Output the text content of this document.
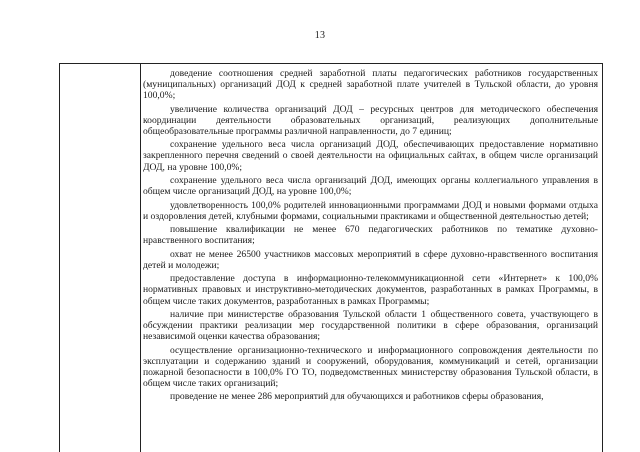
13

доведение соотношения средней заработной платы педагогических работников государственных (муниципальных) организаций ДОД к средней заработной плате учителей в Тульской области, до уровня 100,0%;

увеличение количества организаций ДОД – ресурсных центров для методического обеспечения координации деятельности образовательных организаций, реализующих дополнительные общеобразовательные программы различной направленности, до 7 единиц;

сохранение удельного веса числа организаций ДОД, обеспечивающих предоставление нормативно закрепленного перечня сведений о своей деятельности на официальных сайтах, в общем числе организаций ДОД, на уровне 100,0%;

сохранение удельного веса числа организаций ДОД, имеющих органы коллегиального управления в общем числе организаций ДОД, на уровне 100,0%;

удовлетворенность 100,0% родителей инновационными программами ДОД и новыми формами отдыха и оздоровления детей, клубными формами, социальными практиками и общественной деятельностью детей;

повышение квалификации не менее 670 педагогических работников по тематике духовно-нравственного воспитания;

охват не менее 26500 участников массовых мероприятий в сфере духовно-нравственного воспитания детей и молодежи;

предоставление доступа в информационно-телекоммуникационной сети «Интернет» к 100,0% нормативных правовых и инструктивно-методических документов, разработанных в рамках Программы, в общем числе таких документов, разработанных в рамках Программы;

наличие при министерстве образования Тульской области 1 общественного совета, участвующего в обсуждении практики реализации мер государственной политики в сфере образования, организаций независимой оценки качества образования;

осуществление организационно-технического и информационного сопровождения деятельности по эксплуатации и содержанию зданий и сооружений, оборудования, коммуникаций и сетей, организации пожарной безопасности в 100,0% ГО ТО, подведомственных министерству образования Тульской области, в общем числе таких организаций;

проведение не менее 286 мероприятий для обучающихся и работников сферы образования,
